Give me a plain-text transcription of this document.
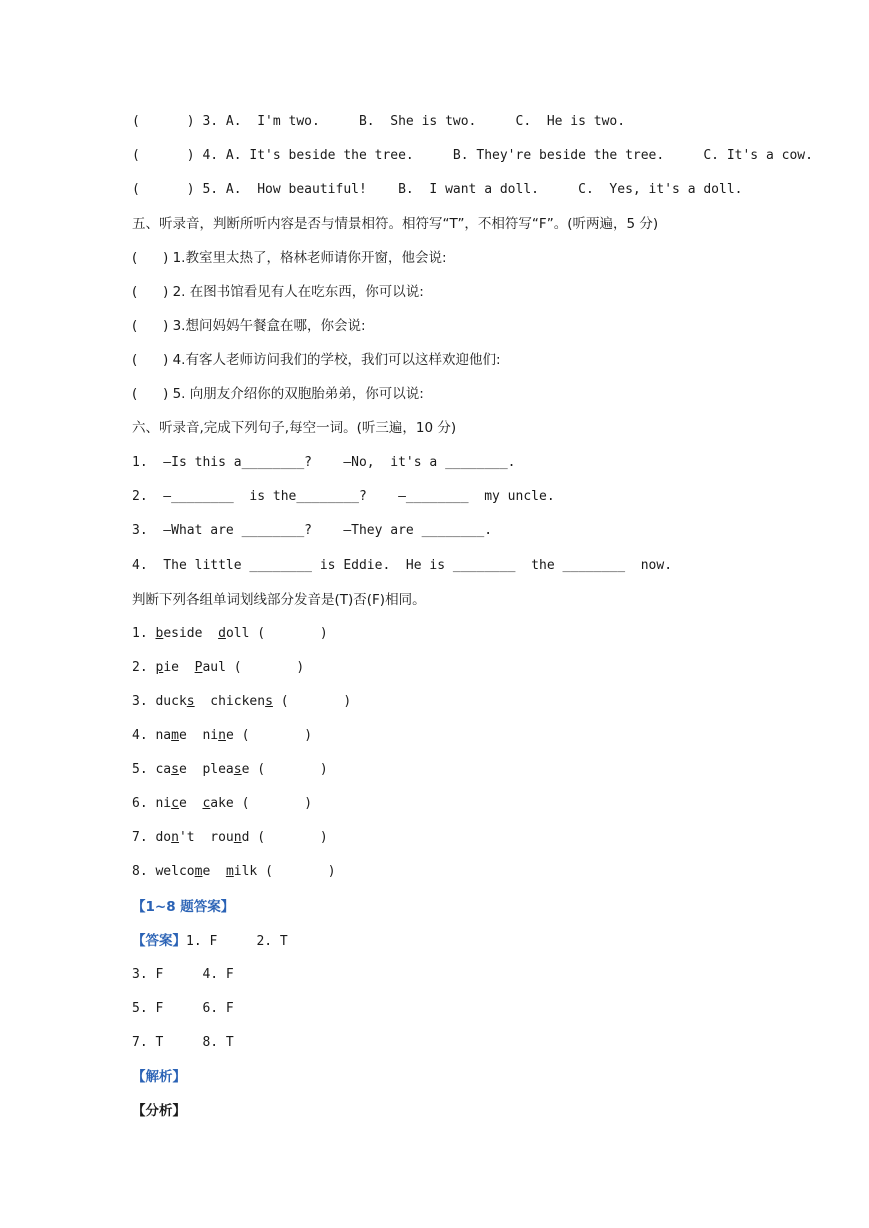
(      ) 3. A.  I'm two.     B.  She is two.     C.  He is two.
(      ) 4. A. It's beside the tree.     B. They're beside the tree.     C. It's a cow.
(      ) 5. A.  How beautiful!    B.  I want a doll.     C.  Yes, it's a doll.
五、听录音，判断所听内容是否与情景相符。相符写“T”，不相符写“F”。(听两遍，5 分)
(      ) 1.教室里太热了，格林老师请你开窗，他会说:
(      ) 2. 在图书馆看见有人在吃东西，你可以说:
(      ) 3.想问妈妈午餐盒在哪，你会说:
(      ) 4.有客人老师访问我们的学校，我们可以这样欢迎他们:
(      ) 5. 向朋友介绍你的双胞胎弟弟，你可以说:
六、听录音,完成下列句子,每空一词。(听三遍，10 分)
1.  —Is this a________?    —No,  it's a ________.
2.  —________  is the________?    —________  my uncle.
3.  —What are ________?    —They are ________.
4.  The little ________ is Eddie.  He is ________  the ________  now.
判断下列各组单词划线部分发音是(T)否(F)相同。
1. beside doll (       )
2. pie Paul (       )
3. ducks chickens (       )
4. name nine (       )
5. case please (       )
6. nice cake (       )
7. don't round (       )
8. welcome milk (       )
【1~8 题答案】
【答案】1. F     2. T
3. F     4. F
5. F     6. F
7. T     8. T
【解析】
【分析】
